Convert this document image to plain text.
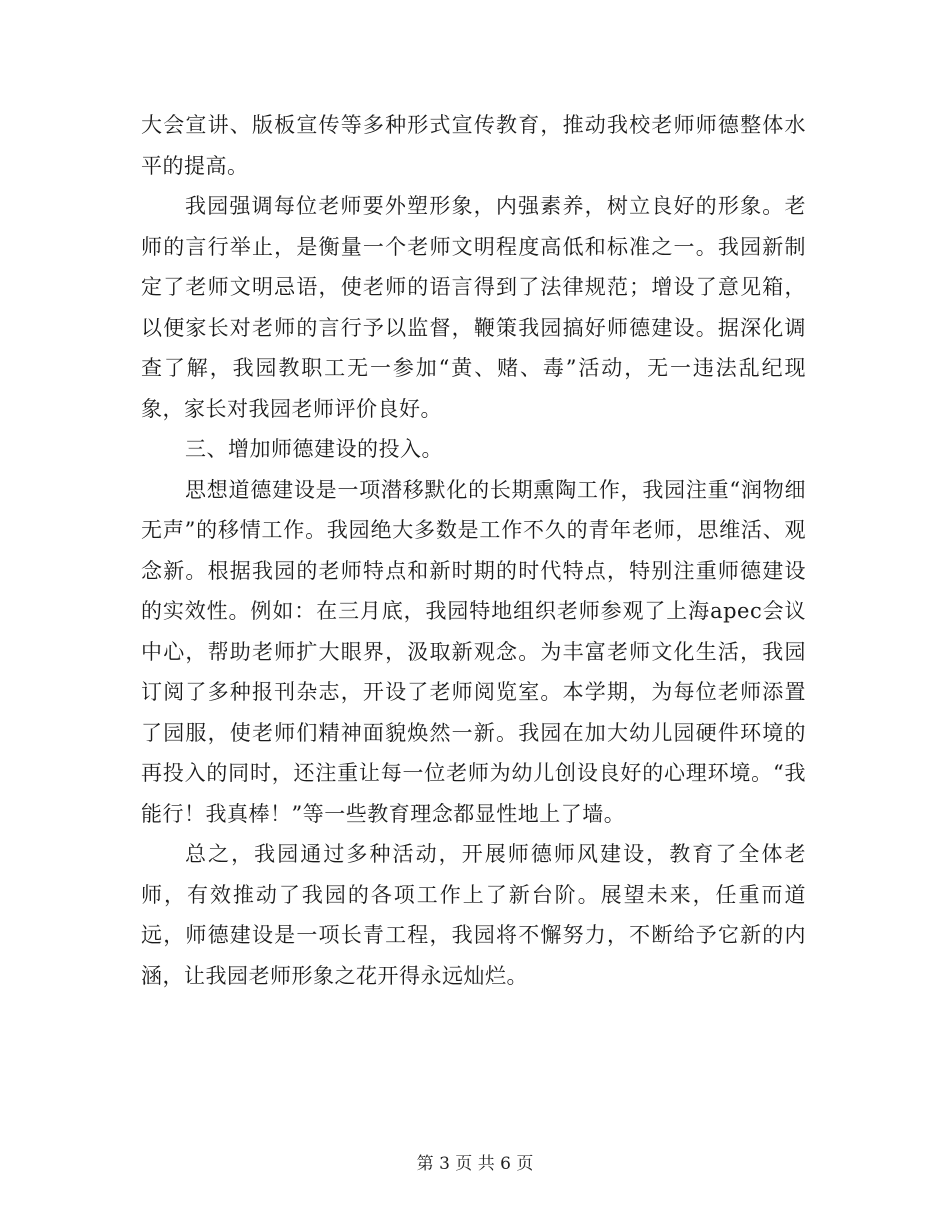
大会宣讲、版板宣传等多种形式宣传教育，推动我校老师师德整体水平的提高。

我园强调每位老师要外塑形象，内强素养，树立良好的形象。老师的言行举止，是衡量一个老师文明程度高低和标准之一。我园新制定了老师文明忌语，使老师的语言得到了法律规范；增设了意见箱，以便家长对老师的言行予以监督，鞭策我园搞好师德建设。据深化调查了解，我园教职工无一参加“黄、赌、毒”活动，无一违法乱纪现象，家长对我园老师评价良好。

三、增加师德建设的投入。

思想道德建设是一项潜移默化的长期熏陶工作，我园注重“润物细无声”的移情工作。我园绝大多数是工作不久的青年老师，思维活、观念新。根据我园的老师特点和新时期的时代特点，特别注重师德建设的实效性。例如：在三月底，我园特地组织老师参观了上海apec会议中心，帮助老师扩大眼界，汲取新观念。为丰富老师文化生活，我园订阅了多种报刊杂志，开设了老师阅览室。本学期，为每位老师添置了园服，使老师们精神面貌焕然一新。我园在加大幼儿园硬件环境的再投入的同时，还注重让每一位老师为幼儿创设良好的心理环境。“我能行！我真棒！”等一些教育理念都显性地上了墙。

总之，我园通过多种活动，开展师德师风建设，教育了全体老师，有效推动了我园的各项工作上了新台阶。展望未来，任重而道远，师德建设是一项长青工程，我园将不懈努力，不断给予它新的内涵，让我园老师形象之花开得永远灿烂。

第 3 页 共 6 页
